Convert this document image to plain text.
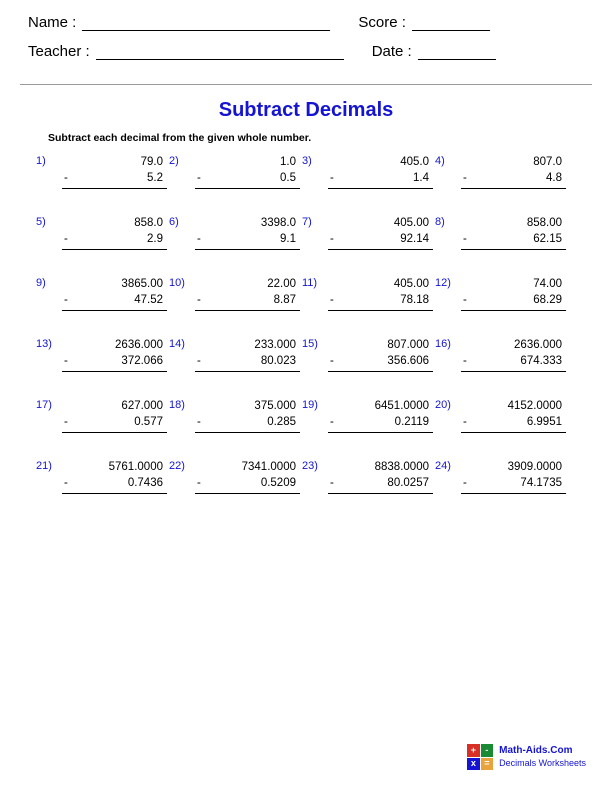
Name :	Score :
Teacher :	Date :
Subtract Decimals
Subtract each decimal from the given whole number.
1)	79.0
-	5.2
2)	1.0
-	0.5
3)	405.0
-	1.4
4)	807.0
-	4.8
5)	858.0
-	2.9
6)	3398.0
-	9.1
7)	405.00
-	92.14
8)	858.00
-	62.15
9)	3865.00
-	47.52
10)	22.00
-	8.87
11)	405.00
-	78.18
12)	74.00
-	68.29
13)	2636.000
-	372.066
14)	233.000
-	80.023
15)	807.000
-	356.606
16)	2636.000
-	674.333
17)	627.000
-	0.577
18)	375.000
-	0.285
19)	6451.0000
-	0.2119
20)	4152.0000
-	6.9951
21)	5761.0000
-	0.7436
22)	7341.0000
-	0.5209
23)	8838.0000
-	80.0257
24)	3909.0000
-	74.1735
+	-
x =
Math-Aids.Com
Decimals Worksheets
